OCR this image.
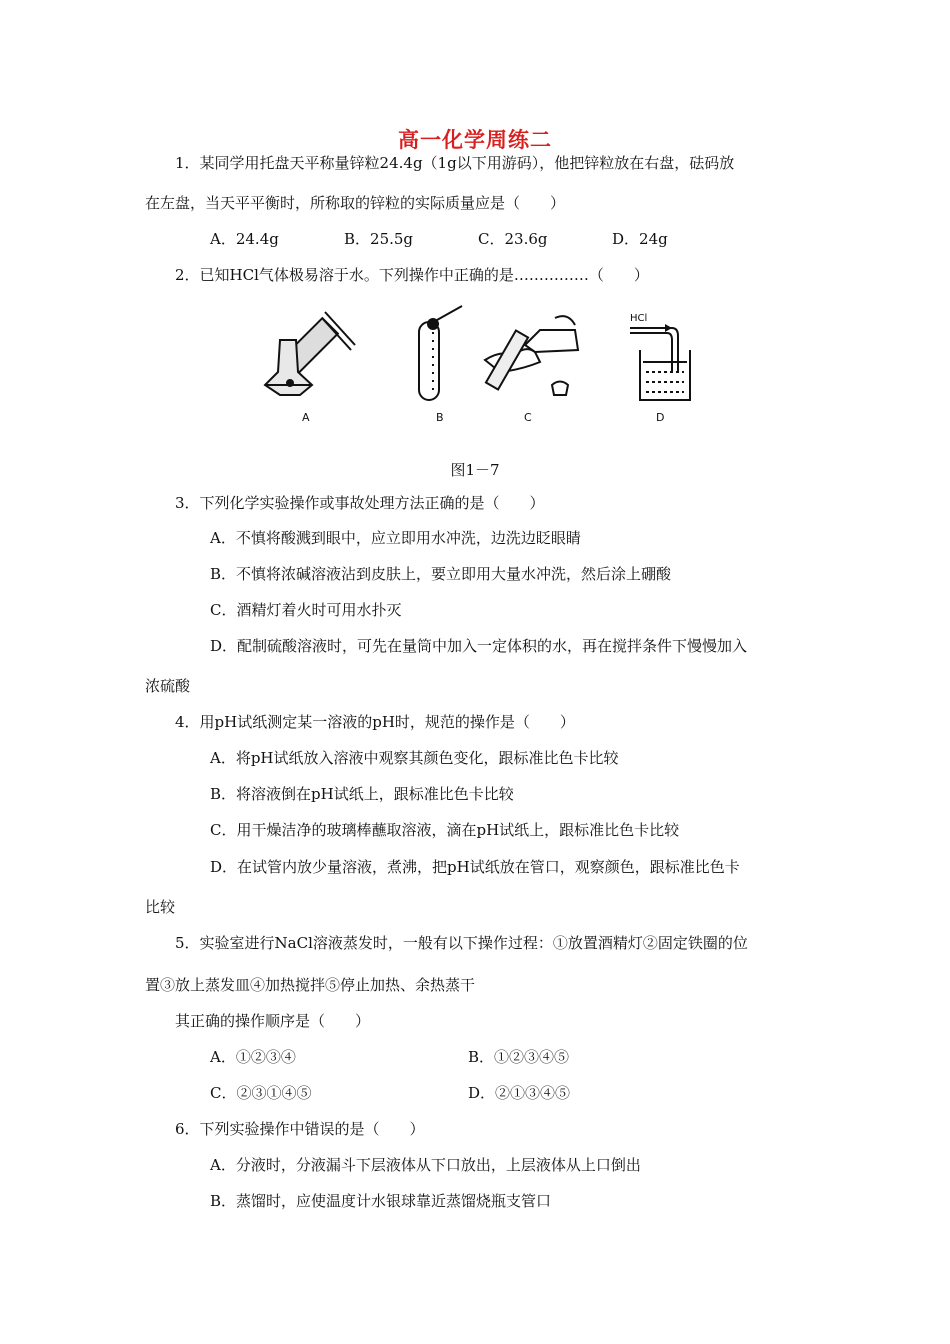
高一化学周练二
1．某同学用托盘天平称量锌粒24.4g（1g以下用游码），他把锌粒放在右盘，砝码放
在左盘，当天平平衡时，所称取的锌粒的实际质量应是（　　）
A．24.4g	B．25.5g	C．23.6g	D．24g
2．已知HCl气体极易溶于水。下列操作中正确的是……………（　　）
A	B	C	D
HCl
图1－7
3．下列化学实验操作或事故处理方法正确的是（　　）
A．不慎将酸溅到眼中，应立即用水冲洗，边洗边眨眼睛
B．不慎将浓碱溶液沾到皮肤上，要立即用大量水冲洗，然后涂上硼酸
C．酒精灯着火时可用水扑灭
D．配制硫酸溶液时，可先在量筒中加入一定体积的水，再在搅拌条件下慢慢加入
浓硫酸
4．用pH试纸测定某一溶液的pH时，规范的操作是（　　）
A．将pH试纸放入溶液中观察其颜色变化，跟标准比色卡比较
B．将溶液倒在pH试纸上，跟标准比色卡比较
C．用干燥洁净的玻璃棒蘸取溶液，滴在pH试纸上，跟标准比色卡比较
D．在试管内放少量溶液，煮沸，把pH试纸放在管口，观察颜色，跟标准比色卡
比较
5．实验室进行NaCl溶液蒸发时，一般有以下操作过程：①放置酒精灯②固定铁圈的位
置③放上蒸发皿④加热搅拌⑤停止加热、余热蒸干
其正确的操作顺序是（　　）
A．①②③④	B．①②③④⑤
C．②③①④⑤	D．②①③④⑤
6．下列实验操作中错误的是（　　）
A．分液时，分液漏斗下层液体从下口放出，上层液体从上口倒出
B．蒸馏时，应使温度计水银球靠近蒸馏烧瓶支管口
